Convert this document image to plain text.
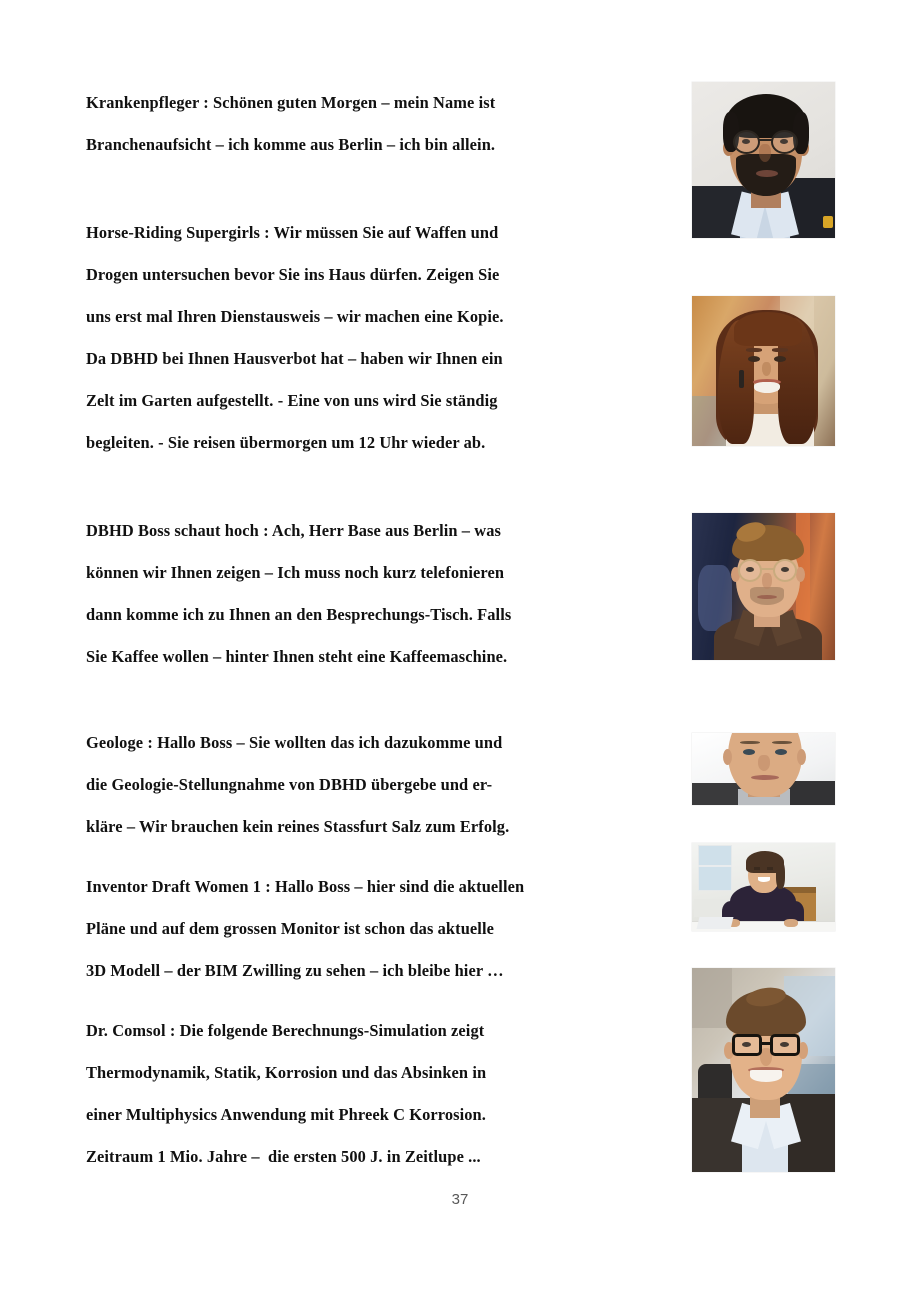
Krankenpfleger : Schönen guten Morgen – mein Name ist
Branchenaufsicht – ich komme aus Berlin – ich bin allein.
Horse-Riding Supergirls : Wir müssen Sie auf Waffen und
Drogen untersuchen bevor Sie ins Haus dürfen. Zeigen Sie
uns erst mal Ihren Dienstausweis – wir machen eine Kopie.
Da DBHD bei Ihnen Hausverbot hat – haben wir Ihnen ein
Zelt im Garten aufgestellt. - Eine von uns wird Sie ständig
begleiten. - Sie reisen übermorgen um 12 Uhr wieder ab.
DBHD Boss schaut hoch : Ach, Herr Base aus Berlin – was
können wir Ihnen zeigen – Ich muss noch kurz telefonieren
dann komme ich zu Ihnen an den Besprechungs-Tisch. Falls
Sie Kaffee wollen – hinter Ihnen steht eine Kaffeemaschine.
Geologe : Hallo Boss – Sie wollten das ich dazukomme und
die Geologie-Stellungnahme von DBHD übergebe und er-
kläre – Wir brauchen kein reines Stassfurt Salz zum Erfolg.
Inventor Draft Women 1 : Hallo Boss – hier sind die aktuellen
Pläne und auf dem grossen Monitor ist schon das aktuelle
3D Modell – der BIM Zwilling zu sehen – ich bleibe hier …
Dr. Comsol : Die folgende Berechnungs-Simulation zeigt
Thermodynamik, Statik, Korrosion und das Absinken in
einer Multiphysics Anwendung mit Phreek C Korrosion.
Zeitraum 1 Mio. Jahre –  die ersten 500 J. in Zeitlupe ...
37
